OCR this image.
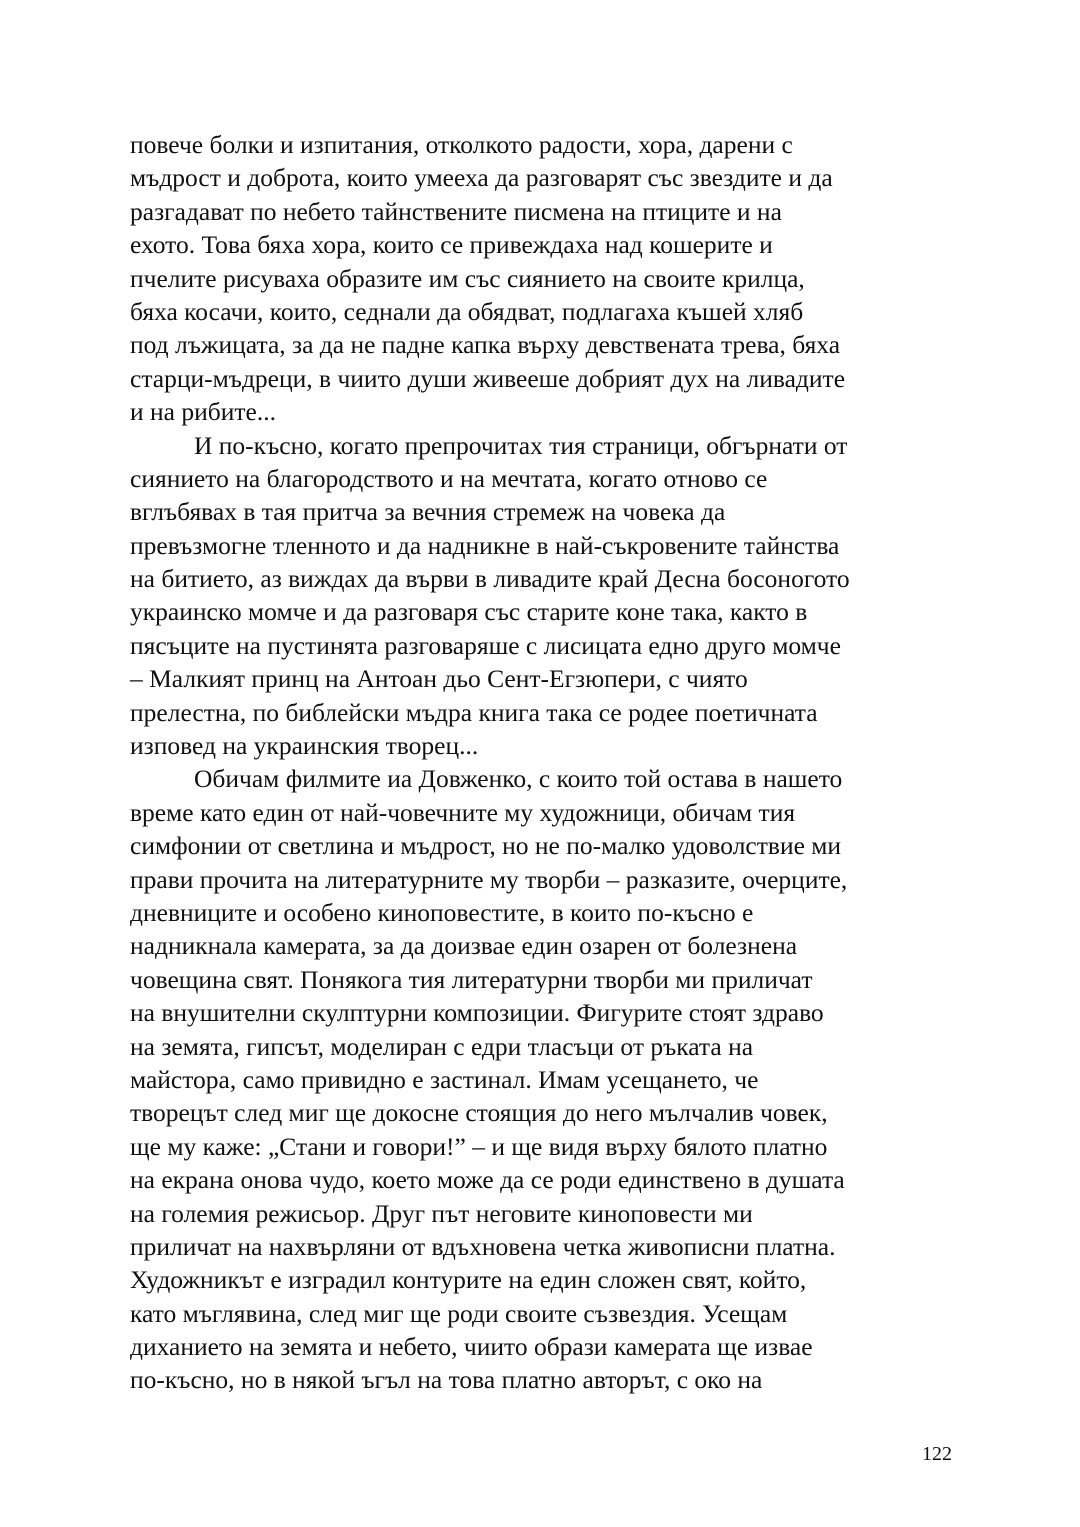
повече болки и изпитания, отколкото радости, хора, дарени с
мъдрост и доброта, които умееха да разговарят със звездите и да
разгадават по небето тайнствените писмена на птиците и на
ехото. Това бяха хора, които се привеждаха над кошерите и
пчелите рисуваха образите им със сиянието на своите крилца,
бяха косачи, които, седнали да обядват, подлагаха къшей хляб
под лъжицата, за да не падне капка върху девствената трева, бяха
старци-мъдреци, в чиито души живееше добрият дух на ливадите
и на рибите...
И по-късно, когато препрочитах тия страници, обгърнати от
сиянието на благородството и на мечтата, когато отново се
вглъбявах в тая притча за вечния стремеж на човека да
превъзмогне тленното и да надникне в най-съкровените тайнства
на битието, аз виждах да върви в ливадите край Десна босоногото
украинско момче и да разговаря със старите коне така, както в
пясъците на пустинята разговаряше с лисицата едно друго момче
– Малкият принц на Антоан дьо Сент-Егзюпери, с чиято
прелестна, по библейски мъдра книга така се родее поетичната
изповед на украинския творец...
Обичам филмите иа Довженко, с които той остава в нашето
време като един от най-човечните му художници, обичам тия
симфонии от светлина и мъдрост, но не по-малко удоволствие ми
прави прочита на литературните му творби – разказите, очерците,
дневниците и особено киноповестите, в които по-късно е
надникнала камерата, за да доизвае един озарен от болезнена
човещина свят. Понякога тия литературни творби ми приличат
на внушителни скулптурни композиции. Фигурите стоят здраво
на земята, гипсът, моделиран с едри тласъци от ръката на
майстора, само привидно е застинал. Имам усещането, че
творецът след миг ще докосне стоящия до него мълчалив човек,
ще му каже: „Стани и говори!” – и ще видя върху бялото платно
на екрана онова чудо, което може да се роди единствено в душата
на големия режисьор. Друг път неговите киноповести ми
приличат на нахвърляни от вдъхновена четка живописни платна.
Художникът е изградил контурите на един сложен свят, който,
като мъглявина, след миг ще роди своите съзвездия. Усещам
диханието на земята и небето, чиито образи камерата ще извае
по-късно, но в някой ъгъл на това платно авторът, с око на
122
